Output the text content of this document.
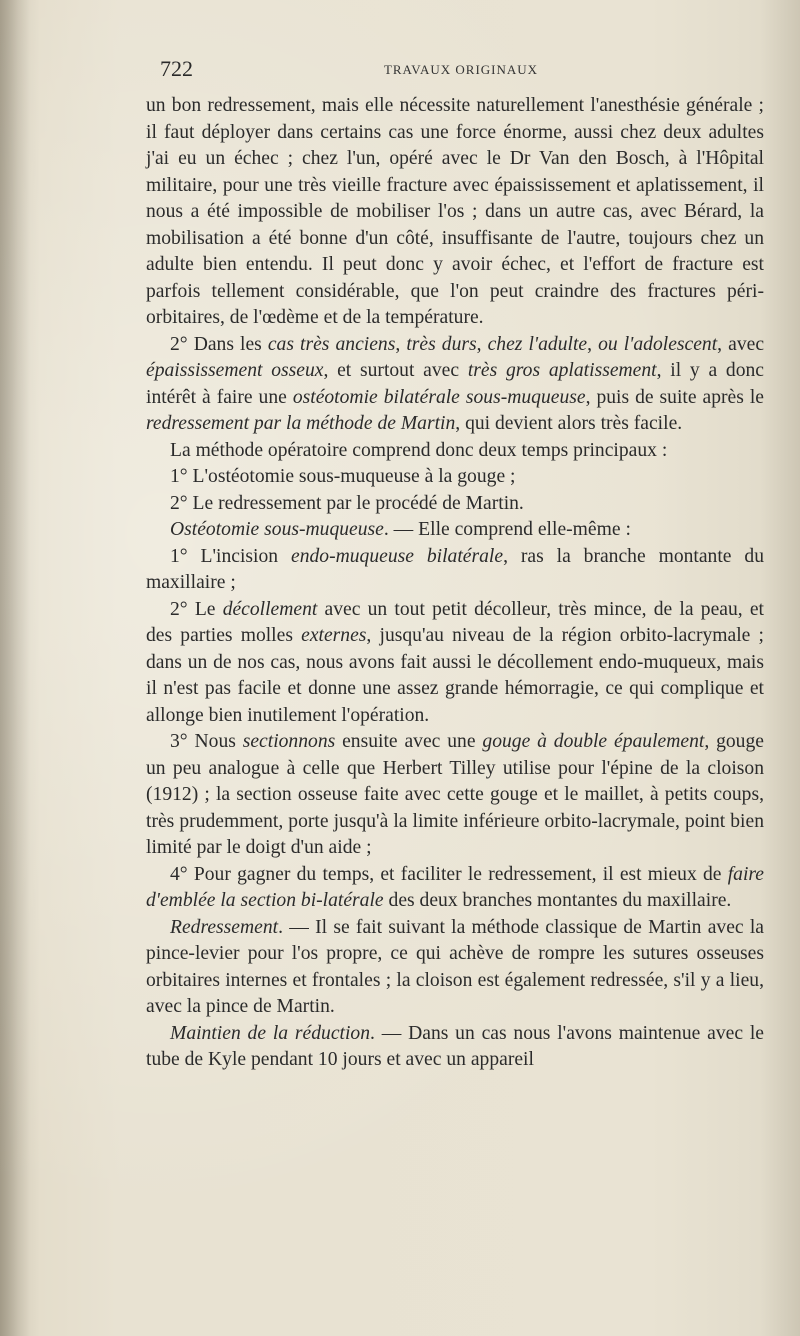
722	TRAVAUX ORIGINAUX

un bon redressement, mais elle nécessite naturellement l'anesthésie générale ; il faut déployer dans certains cas une force énorme, aussi chez deux adultes j'ai eu un échec ; chez l'un, opéré avec le Dr Van den Bosch, à l'Hôpital militaire, pour une très vieille fracture avec épaississement et aplatissement, il nous a été impossible de mobiliser l'os ; dans un autre cas, avec Bérard, la mobilisation a été bonne d'un côté, insuffisante de l'autre, toujours chez un adulte bien entendu. Il peut donc y avoir échec, et l'effort de fracture est parfois tellement considérable, que l'on peut craindre des fractures péri-orbitaires, de l'œdème et de la température.

2° Dans les cas très anciens, très durs, chez l'adulte, ou l'adolescent, avec épaississement osseux, et surtout avec très gros aplatissement, il y a donc intérêt à faire une ostéotomie bilatérale sous-muqueuse, puis de suite après le redressement par la méthode de Martin, qui devient alors très facile.

La méthode opératoire comprend donc deux temps principaux :

1° L'ostéotomie sous-muqueuse à la gouge ;

2° Le redressement par le procédé de Martin.

Ostéotomie sous-muqueuse. — Elle comprend elle-même :

1° L'incision endo-muqueuse bilatérale, ras la branche montante du maxillaire ;

2° Le décollement avec un tout petit décolleur, très mince, de la peau, et des parties molles externes, jusqu'au niveau de la région orbito-lacrymale ; dans un de nos cas, nous avons fait aussi le décollement endo-muqueux, mais il n'est pas facile et donne une assez grande hémorragie, ce qui complique et allonge bien inutilement l'opération.

3° Nous sectionnons ensuite avec une gouge à double épaulement, gouge un peu analogue à celle que Herbert Tilley utilise pour l'épine de la cloison (1912) ; la section osseuse faite avec cette gouge et le maillet, à petits coups, très prudemment, porte jusqu'à la limite inférieure orbito-lacrymale, point bien limité par le doigt d'un aide ;

4° Pour gagner du temps, et faciliter le redressement, il est mieux de faire d'emblée la section bi-latérale des deux branches montantes du maxillaire.

Redressement. — Il se fait suivant la méthode classique de Martin avec la pince-levier pour l'os propre, ce qui achève de rompre les sutures osseuses orbitaires internes et frontales ; la cloison est également redressée, s'il y a lieu, avec la pince de Martin.

Maintien de la réduction. — Dans un cas nous l'avons maintenue avec le tube de Kyle pendant 10 jours et avec un appareil
